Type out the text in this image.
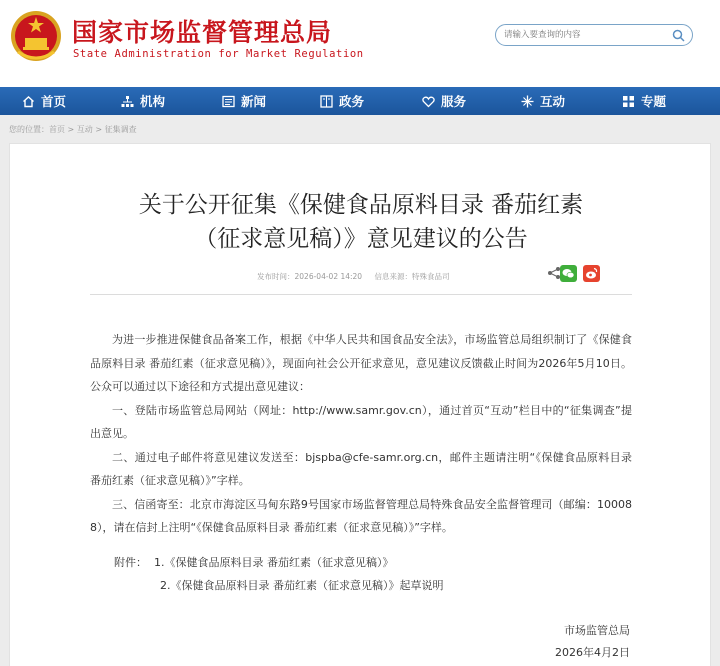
国家市场监督管理总局
State Administration for Market Regulation
请输入要查询的内容
首页	机构	新闻	政务	服务	互动	专题
您的位置：首页 > 互动 > 征集调查
关于公开征集《保健食品原料目录 番茄红素
（征求意见稿）》意见建议的公告
发布时间：2026-04-02 14:20 信息来源：特殊食品司

为进一步推进保健食品备案工作，根据《中华人民共和国食品安全法》，市场监管总局组织制订了《保健食品原料目录 番茄红素（征求意见稿）》，现面向社会公开征求意见，意见建议反馈截止时间为2026年5月10日。公众可以通过以下途径和方式提出意见建议：

一、登陆市场监管总局网站（网址：http://www.samr.gov.cn），通过首页“互动”栏目中的“征集调查”提出意见。

二、通过电子邮件将意见建议发送至：bjspba@cfe-samr.org.cn，邮件主题请注明“《保健食品原料目录 番茄红素（征求意见稿）》”字样。

三、信函寄至：北京市海淀区马甸东路9号国家市场监督管理总局特殊食品安全监督管理司（邮编：100088），请在信封上注明“《保健食品原料目录 番茄红素（征求意见稿）》”字样。

附件： 1.《保健食品原料目录 番茄红素（征求意见稿）》
2.《保健食品原料目录 番茄红素（征求意见稿）》起草说明
市场监管总局
2026年4月2日
